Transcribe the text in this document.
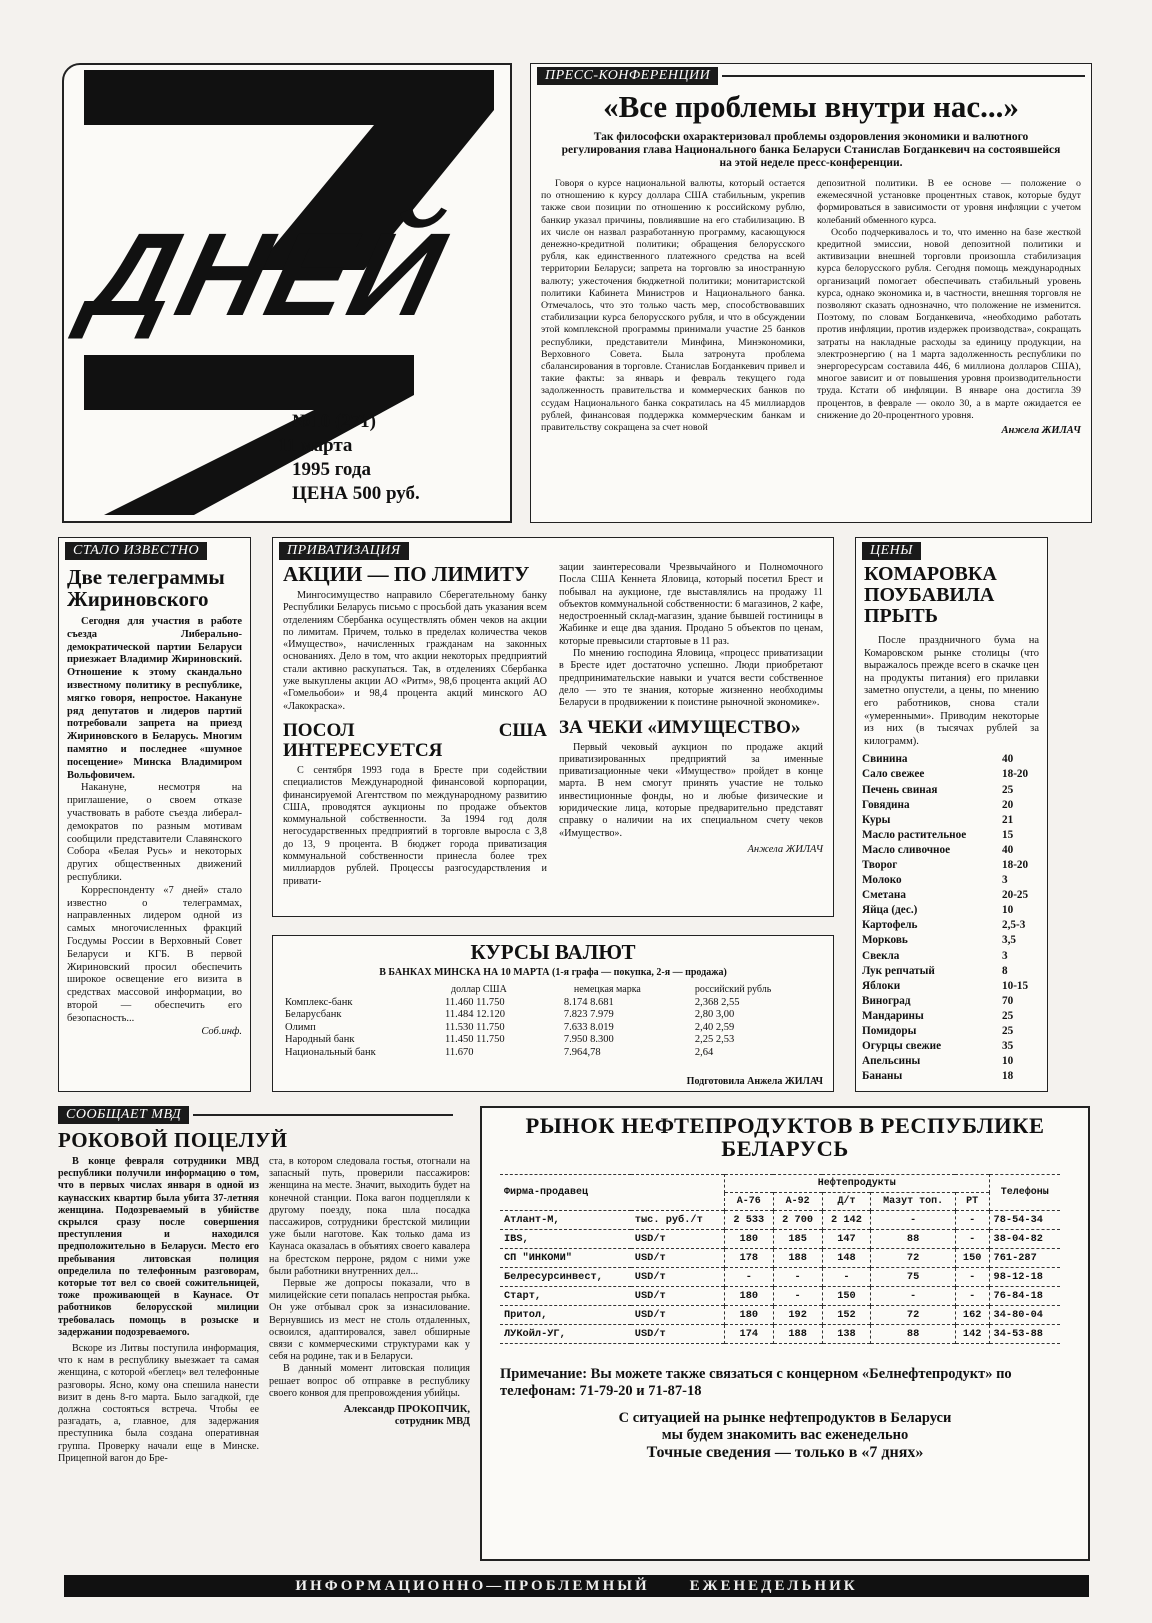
ДНЕЙ
№10 (271)
11 марта
1995 года
ЦЕНА 500 руб.
ПРЕСС-КОНФЕРЕНЦИИ
«Все проблемы внутри нас...»
Так философски охарактеризовал проблемы оздоровления экономики и валютного регулирования глава Национального банка Беларуси Станислав Богданкевич на состоявшейся на этой неделе пресс-конференции.

Говоря о курсе национальной валюты, который остается по отношению к курсу доллара США стабильным, укрепив также свои позиции по отношению к российскому рублю, банкир указал причины, повлиявшие на его стабилизацию. В их числе он назвал разработанную программу, касающуюся денежно-кредитной политики; обращения белорусского рубля, как единственного платежного средства на всей территории Беларуси; запрета на торговлю за иностранную валюту; ужесточения бюджетной политики; монитаристской политики Кабинета Министров и Национального банка. Отмечалось, что это только часть мер, способствовавших стабилизации курса белорусского рубля, и что в обсуждении этой комплексной программы принимали участие 25 банков республики, представители Минфина, Минэкономики, Верховного Совета. Была затронута проблема сбалансирования в торговле. Станислав Богданкевич привел и такие факты: за январь и февраль текущего года задолженность правительства и коммерческих банков по ссудам Национального банка сократилась на 45 миллиардов рублей, финансовая поддержка коммерческим банкам и правительству сокращена за счет новой

депозитной политики. В ее основе — положение о ежемесячной установке процентных ставок, которые будут формироваться в зависимости от уровня инфляции с учетом колебаний обменного курса.

Особо подчеркивалось и то, что именно на базе жесткой кредитной эмиссии, новой депозитной политики и активизации внешней торговли произошла стабилизация курса белорусского рубля. Сегодня помощь международных организаций помогает обеспечивать стабильный уровень курса, однако экономика и, в частности, внешняя торговля не позволяют сказать однозначно, что положение не изменится. Поэтому, по словам Богданкевича, «необходимо работать против инфляции, против издержек производства», сокращать затраты на накладные расходы за единицу продукции, на электроэнергию ( на 1 марта задолженность республики по энергоресурсам составила 446, 6 миллиона долларов США), многое зависит и от повышения уровня производительности труда. Кстати об инфляции. В январе она достигла 39 процентов, в феврале — около 30, а в марте ожидается ее снижение до 20-процентного уровня.

Анжела ЖИЛАЧ
СТАЛО ИЗВЕСТНО
Две телеграммы Жириновского

Сегодня для участия в работе съезда Либерально-демократической партии Беларуси приезжает Владимир Жириновский. Отношение к этому скандально известному политику в республике, мягко говоря, непростое. Накануне ряд депутатов и лидеров партий потребовали запрета на приезд Жириновского в Беларусь. Многим памятно и последнее «шумное посещение» Минска Владимиром Вольфовичем.

Накануне, несмотря на приглашение, о своем отказе участвовать в работе съезда либерал-демократов по разным мотивам сообщили представители Славянского Собора «Белая Русь» и некоторых других общественных движений республики.

Корреспонденту «7 дней» стало известно о телеграммах, направленных лидером одной из самых многочисленных фракций Госдумы России в Верховный Совет Беларуси и КГБ. В первой Жириновский просил обеспечить широкое освещение его визита в средствах массовой информации, во второй — обеспечить его безопасность...

Соб.инф.
ПРИВАТИЗАЦИЯ
АКЦИИ — ПО ЛИМИТУ

Мингосимущество направило Сберегательному банку Республики Беларусь письмо с просьбой дать указания всем отделениям Сбербанка осуществлять обмен чеков на акции по лимитам. Причем, только в пределах количества чеков «Имущество», начисленных гражданам на законных основаниях. Дело в том, что акции некоторых предприятий стали активно раскупаться. Так, в отделениях Сбербанка уже выкуплены акции АО «Ритм», 98,6 процента акций АО «Гомельобои» и 98,4 процента акций минского АО «Лакокраска».

ПОСОЛ США ИНТЕРЕСУЕТСЯ

С сентября 1993 года в Бресте при содействии специалистов Международной финансовой корпорации, финансируемой Агентством по международному развитию США, проводятся аукционы по продаже объектов коммунальной собственности. За 1994 год доля негосударственных предприятий в торговле выросла с 3,8 до 13, 9 процента. В бюджет города приватизация коммунальной собственности принесла более трех миллиардов рублей. Процессы разгосударствления и привати-

зации заинтересовали Чрезвычайного и Полномочного Посла США Кеннета Яловица, который посетил Брест и побывал на аукционе, где выставлялись на продажу 11 объектов коммунальной собственности: 6 магазинов, 2 кафе, недостроенный склад-магазин, здание бывшей гостиницы в Жабинке и еще два здания. Продано 5 объектов по ценам, которые превысили стартовые в 11 раз.

По мнению господина Яловица, «процесс приватизации в Бресте идет достаточно успешно. Люди приобретают предпринимательские навыки и учатся вести собственное дело — это те знания, которые жизненно необходимы Беларуси в продвижении к поистине рыночной экономике».

ЗА ЧЕКИ «ИМУЩЕСТВО»

Первый чековый аукцион по продаже акций приватизированных предприятий за именные приватизационные чеки «Имущество» пройдет в конце марта. В нем смогут принять участие не только инвестиционные фонды, но и любые физические и юридические лица, которые предварительно представят справку о наличии на их специальном счету чеков «Имущество».

Анжела ЖИЛАЧ
КУРСЫ ВАЛЮТ
В БАНКАХ МИНСКА НА 10 МАРТА (1-я графа — покупка, 2-я — продажа)
	доллар США	немецкая марка	российский рубль
Комплекс-банк	11.460 11.750	8.174 8.681	2,368 2,55
Беларусбанк	11.484 12.120	7.823 7.979	2,80 3,00
Олимп	11.530 11.750	7.633 8.019	2,40 2,59
Народный банк	11.450 11.750	7.950 8.300	2,25 2,53
Национальный банк	11.670	7.964,78	2,64
Подготовила Анжела ЖИЛАЧ
ЦЕНЫ
КОМАРОВКА ПОУБАВИЛА ПРЫТЬ

После праздничного бума на Комаровском рынке столицы (что выражалось прежде всего в скачке цен на продукты питания) его прилавки заметно опустели, а цены, по мнению его работников, снова стали «умеренными». Приводим некоторые из них (в тысячах рублей за килограмм).

Свинина	40
Сало свежее	18-20
Печень свиная	25
Говядина	20
Куры	21
Масло растительное	15
Масло сливочное	40
Творог	18-20
Молоко	3
Сметана	20-25
Яйца (дес.)	10
Картофель	2,5-3
Морковь	3,5
Свекла	3
Лук репчатый	8
Яблоки	10-15
Виноград	70
Мандарины	25
Помидоры	25
Огурцы свежие	35
Апельсины	10
Бананы	18
СООБЩАЕТ МВД
РОКОВОЙ ПОЦЕЛУЙ

В конце февраля сотрудники МВД республики получили информацию о том, что в первых числах января в одной из каунасских квартир была убита 37-летняя женщина. Подозреваемый в убийстве скрылся сразу после совершения преступления и находился предположительно в Беларуси. Место его пребывания литовская полиция определила по телефонным разговорам, которые тот вел со своей сожительницей, тоже проживающей в Каунасе. От работников белорусской милиции требовалась помощь в розыске и задержании подозреваемого.

Вскоре из Литвы поступила информация, что к нам в республику выезжает та самая женщина, с которой «беглец» вел телефонные разговоры. Ясно, кому она спешила нанести визит в день 8-го марта. Было загадкой, где должна состояться встреча. Чтобы ее разгадать, а, главное, для задержания преступника была создана оперативная группа. Проверку начали еще в Минске. Прицепной вагон до Бре-

ста, в котором следовала гостья, отогнали на запасный путь, проверили пассажиров: женщина на месте. Значит, выходить будет на конечной станции. Пока вагон подцепляли к другому поезду, пока шла посадка пассажиров, сотрудники брестской милиции уже были наготове. Как только дама из Каунаса оказалась в объятиях своего кавалера на брестском перроне, рядом с ними уже были работники внутренних дел...

Первые же допросы показали, что в милицейские сети попалась непростая рыбка. Он уже отбывал срок за изнасилование. Вернувшись из мест не столь отдаленных, освоился, адаптировался, завел обширные связи с коммерческими структурами как у себя на родине, так и в Беларуси.

В данный момент литовская полиция решает вопрос об отправке в республику своего конвоя для препровождения убийцы.

Александр ПРОКОПЧИК,
сотрудник МВД
РЫНОК НЕФТЕПРОДУКТОВ В РЕСПУБЛИКЕ БЕЛАРУСЬ
Фирма-продавец		Нефтепродукты					Телефоны
		А-76	А-92	Д/т	Мазут топ.	РТ	
Атлант-М,	тыс. руб./т	2 533	2 700	2 142	-	-	78-54-34
IBS,	USD/т	180	185	147	88	-	38-04-82
СП "ИНКОМИ"	USD/т	178	188	148	72	150	761-287
Белресурсинвест,	USD/т	-	-	-	75	-	98-12-18
Старт,	USD/т	180	-	150	-	-	76-84-18
Притол,	USD/т	180	192	152	72	162	34-80-04
ЛУКойл-УГ,	USD/т	174	188	138	88	142	34-53-88
Примечание: Вы можете также связаться с концерном «Белнефтепродукт» по телефонам: 71-79-20 и 71-87-18
С ситуацией на рынке нефтепродуктов в Беларуси
мы будем знакомить вас еженедельно
Точные сведения — только в «7 днях»
ИНФОРМАЦИОННО—ПРОБЛЕМНЫЙ	ЕЖЕНЕДЕЛЬНИК
